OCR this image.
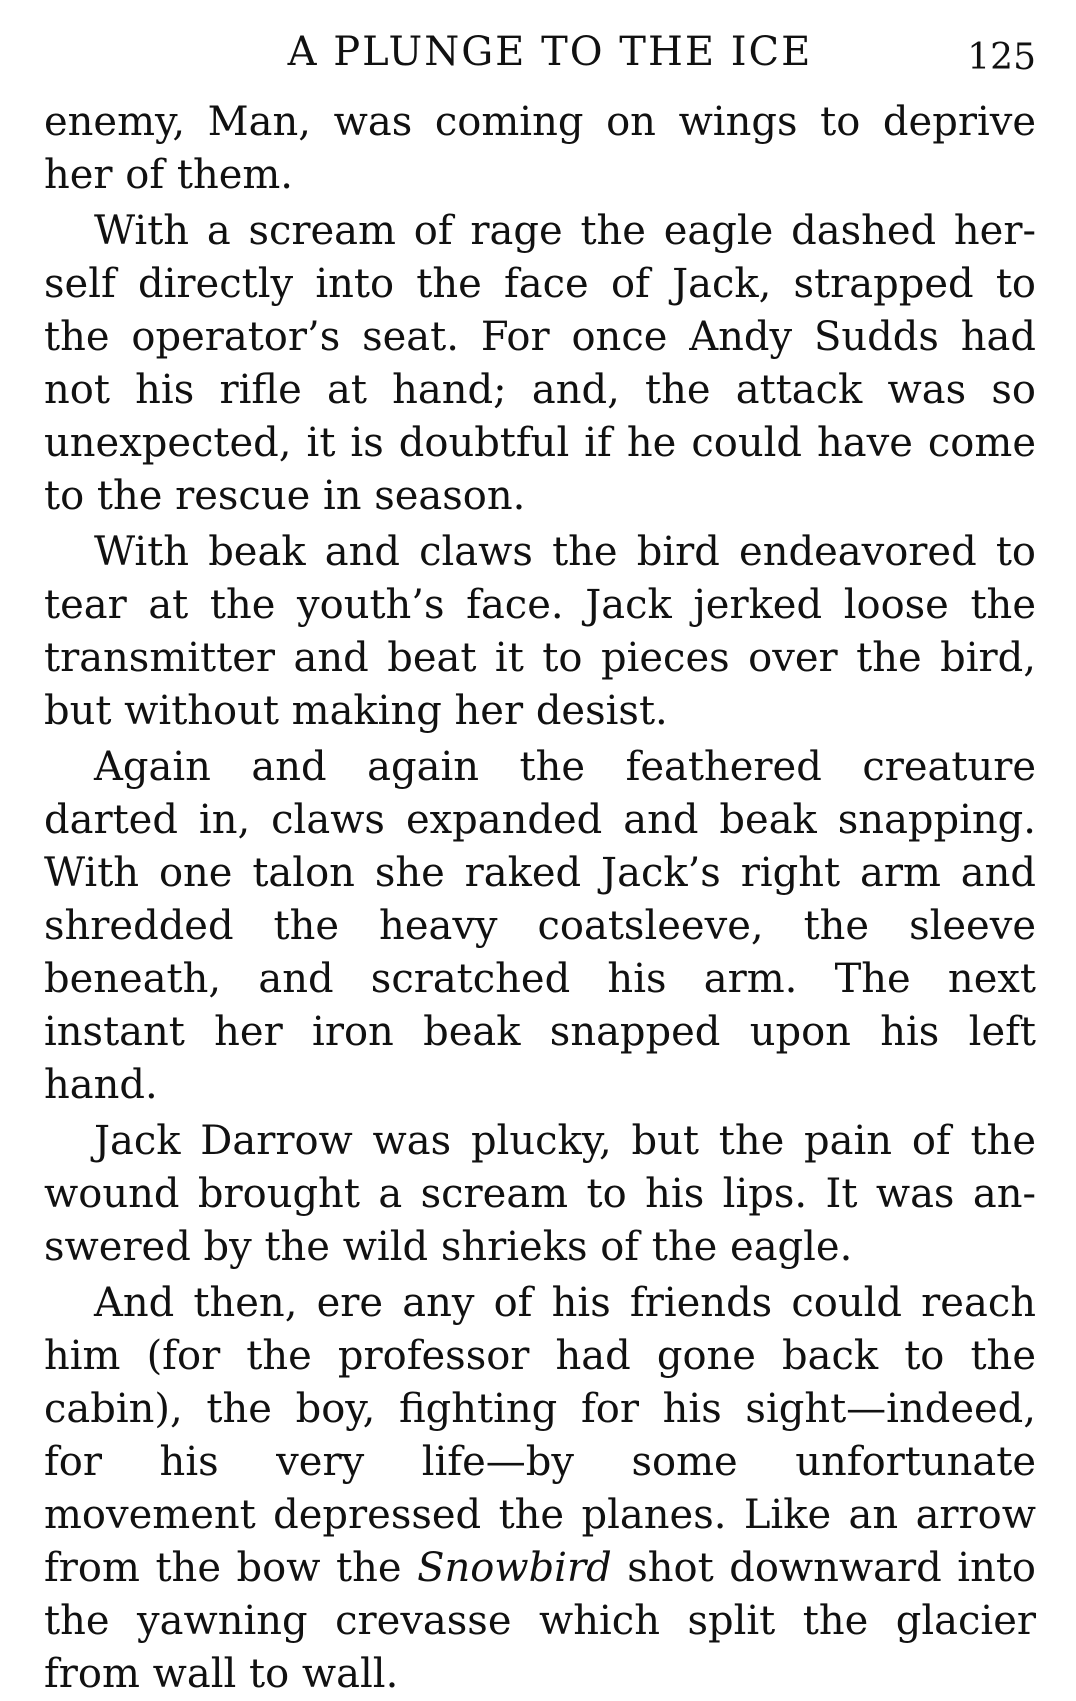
A PLUNGE TO THE ICE	125

enemy, Man, was coming on wings to deprive her of them.

With a scream of rage the eagle dashed herself directly into the face of Jack, strapped to the operator’s seat. For once Andy Sudds had not his rifle at hand; and, the attack was so unexpected, it is doubtful if he could have come to the rescue in season.

With beak and claws the bird endeavored to tear at the youth’s face. Jack jerked loose the transmitter and beat it to pieces over the bird, but without making her desist.

Again and again the feathered creature darted in, claws expanded and beak snapping. With one talon she raked Jack’s right arm and shredded the heavy coatsleeve, the sleeve beneath, and scratched his arm. The next instant her iron beak snapped upon his left hand.

Jack Darrow was plucky, but the pain of the wound brought a scream to his lips. It was answered by the wild shrieks of the eagle.

And then, ere any of his friends could reach him (for the professor had gone back to the cabin), the boy, fighting for his sight—indeed, for his very life—by some unfortunate movement depressed the planes. Like an arrow from the bow the Snowbird shot downward into the yawning crevasse which split the glacier from wall to wall.
